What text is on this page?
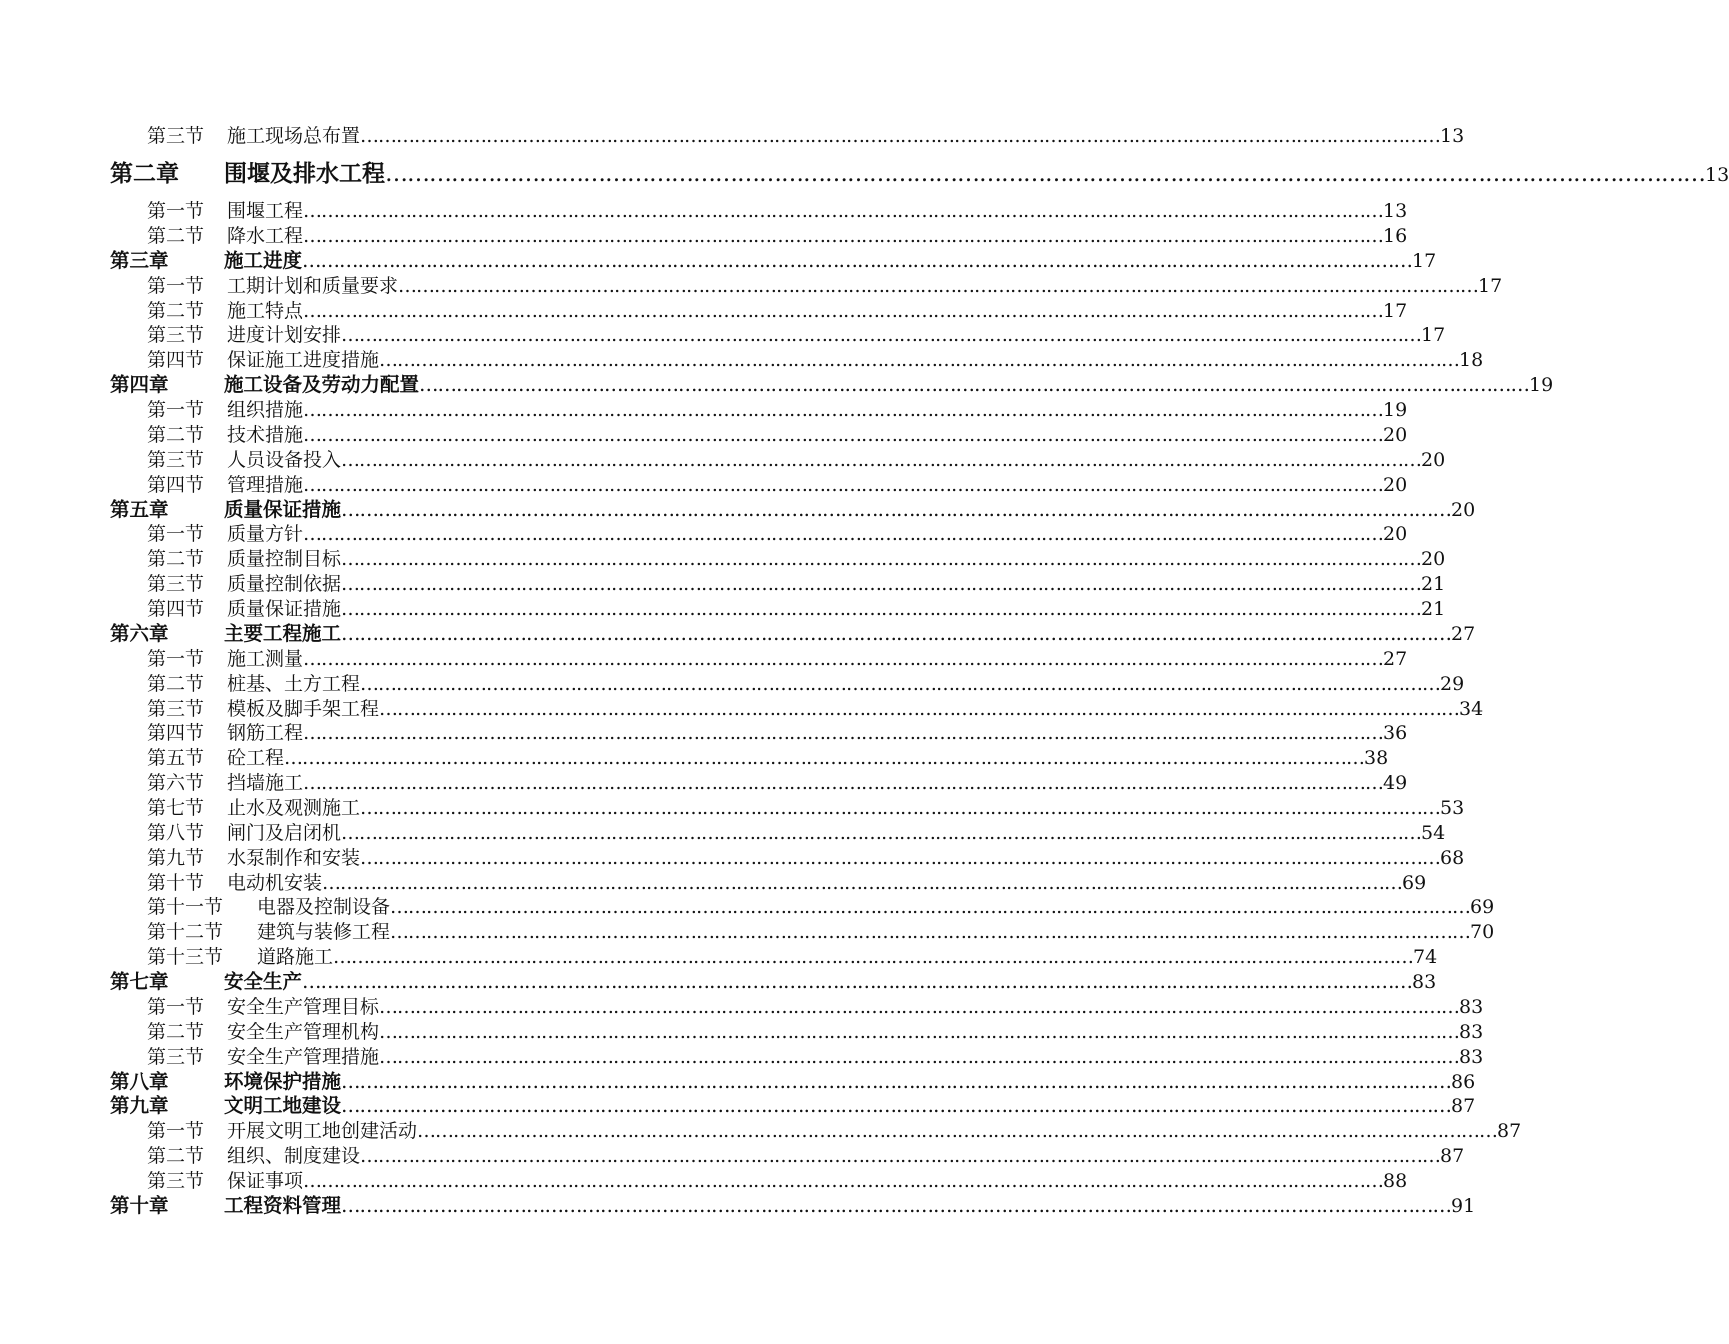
第三节	施工现场总布置 ……………………………………………………………………………………………………………………………………………………………… 13
第二章	围堰及排水工程 ……………………………………………………………………………………………………………………………………………………………… 13
第一节	围堰工程 ……………………………………………………………………………………………………………………………………………………………… 13
第二节	降水工程 ……………………………………………………………………………………………………………………………………………………………… 16
第三章	施工进度 ……………………………………………………………………………………………………………………………………………………………… 17
第一节	工期计划和质量要求 ……………………………………………………………………………………………………………………………………………………………… 17
第二节	施工特点 ……………………………………………………………………………………………………………………………………………………………… 17
第三节	进度计划安排 ……………………………………………………………………………………………………………………………………………………………… 17
第四节	保证施工进度措施 ……………………………………………………………………………………………………………………………………………………………… 18
第四章	施工设备及劳动力配置 ……………………………………………………………………………………………………………………………………………………………… 19
第一节	组织措施 ……………………………………………………………………………………………………………………………………………………………… 19
第二节	技术措施 ……………………………………………………………………………………………………………………………………………………………… 20
第三节	人员设备投入 ……………………………………………………………………………………………………………………………………………………………… 20
第四节	管理措施 ……………………………………………………………………………………………………………………………………………………………… 20
第五章	质量保证措施 ……………………………………………………………………………………………………………………………………………………………… 20
第一节	质量方针 ……………………………………………………………………………………………………………………………………………………………… 20
第二节	质量控制目标 ……………………………………………………………………………………………………………………………………………………………… 20
第三节	质量控制依据 ……………………………………………………………………………………………………………………………………………………………… 21
第四节	质量保证措施 ……………………………………………………………………………………………………………………………………………………………… 21
第六章	主要工程施工 ……………………………………………………………………………………………………………………………………………………………… 27
第一节	施工测量 ……………………………………………………………………………………………………………………………………………………………… 27
第二节	桩基、土方工程 ……………………………………………………………………………………………………………………………………………………………… 29
第三节	模板及脚手架工程 ……………………………………………………………………………………………………………………………………………………………… 34
第四节	钢筋工程 ……………………………………………………………………………………………………………………………………………………………… 36
第五节	砼工程 ……………………………………………………………………………………………………………………………………………………………… 38
第六节	挡墙施工 ……………………………………………………………………………………………………………………………………………………………… 49
第七节	止水及观测施工 ……………………………………………………………………………………………………………………………………………………………… 53
第八节	闸门及启闭机 ……………………………………………………………………………………………………………………………………………………………… 54
第九节	水泵制作和安装 ……………………………………………………………………………………………………………………………………………………………… 68
第十节	电动机安装 ……………………………………………………………………………………………………………………………………………………………… 69
第十一节	电器及控制设备 ……………………………………………………………………………………………………………………………………………………………… 69
第十二节	建筑与装修工程 ……………………………………………………………………………………………………………………………………………………………… 70
第十三节	道路施工 ……………………………………………………………………………………………………………………………………………………………… 74
第七章	安全生产 ……………………………………………………………………………………………………………………………………………………………… 83
第一节	安全生产管理目标 ……………………………………………………………………………………………………………………………………………………………… 83
第二节	安全生产管理机构 ……………………………………………………………………………………………………………………………………………………………… 83
第三节	安全生产管理措施 ……………………………………………………………………………………………………………………………………………………………… 83
第八章	环境保护措施 ……………………………………………………………………………………………………………………………………………………………… 86
第九章	文明工地建设 ……………………………………………………………………………………………………………………………………………………………… 87
第一节	开展文明工地创建活动 ……………………………………………………………………………………………………………………………………………………………… 87
第二节	组织、制度建设 ……………………………………………………………………………………………………………………………………………………………… 87
第三节	保证事项 ……………………………………………………………………………………………………………………………………………………………… 88
第十章	工程资料管理 ……………………………………………………………………………………………………………………………………………………………… 91
